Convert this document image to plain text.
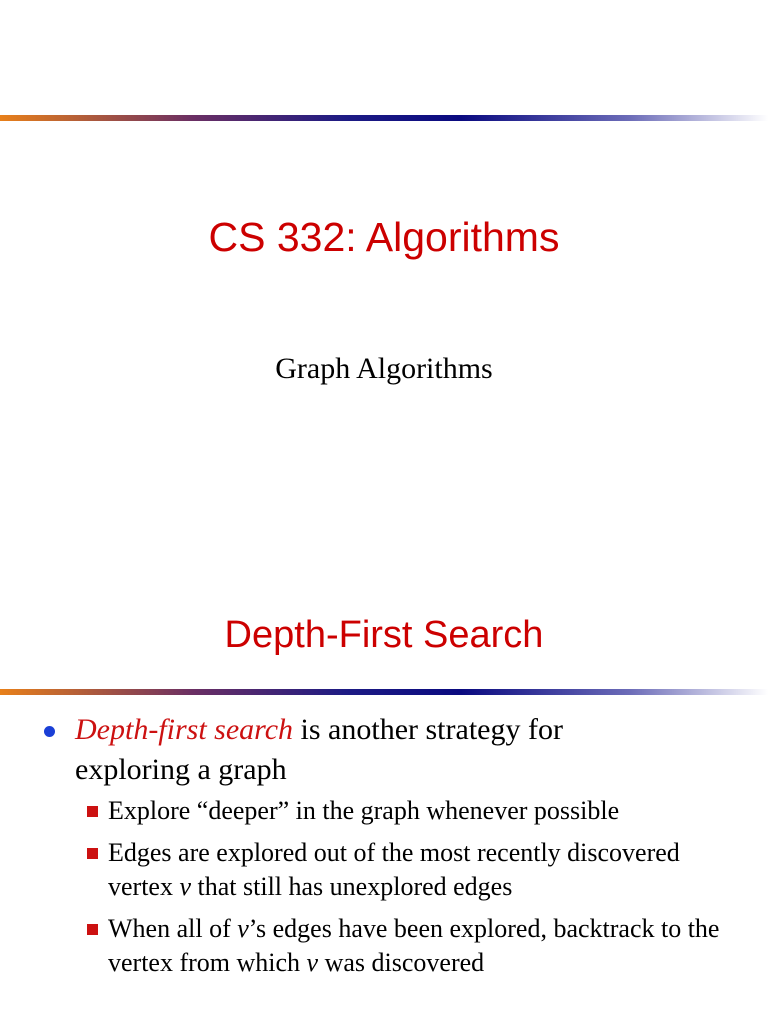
CS 332: Algorithms
Graph Algorithms
Depth-First Search
Depth-first search is another strategy for
exploring a graph
Explore “deeper” in the graph whenever possible
Edges are explored out of the most recently discovered vertex v that still has unexplored edges
When all of v’s edges have been explored, backtrack to the vertex from which v was discovered
